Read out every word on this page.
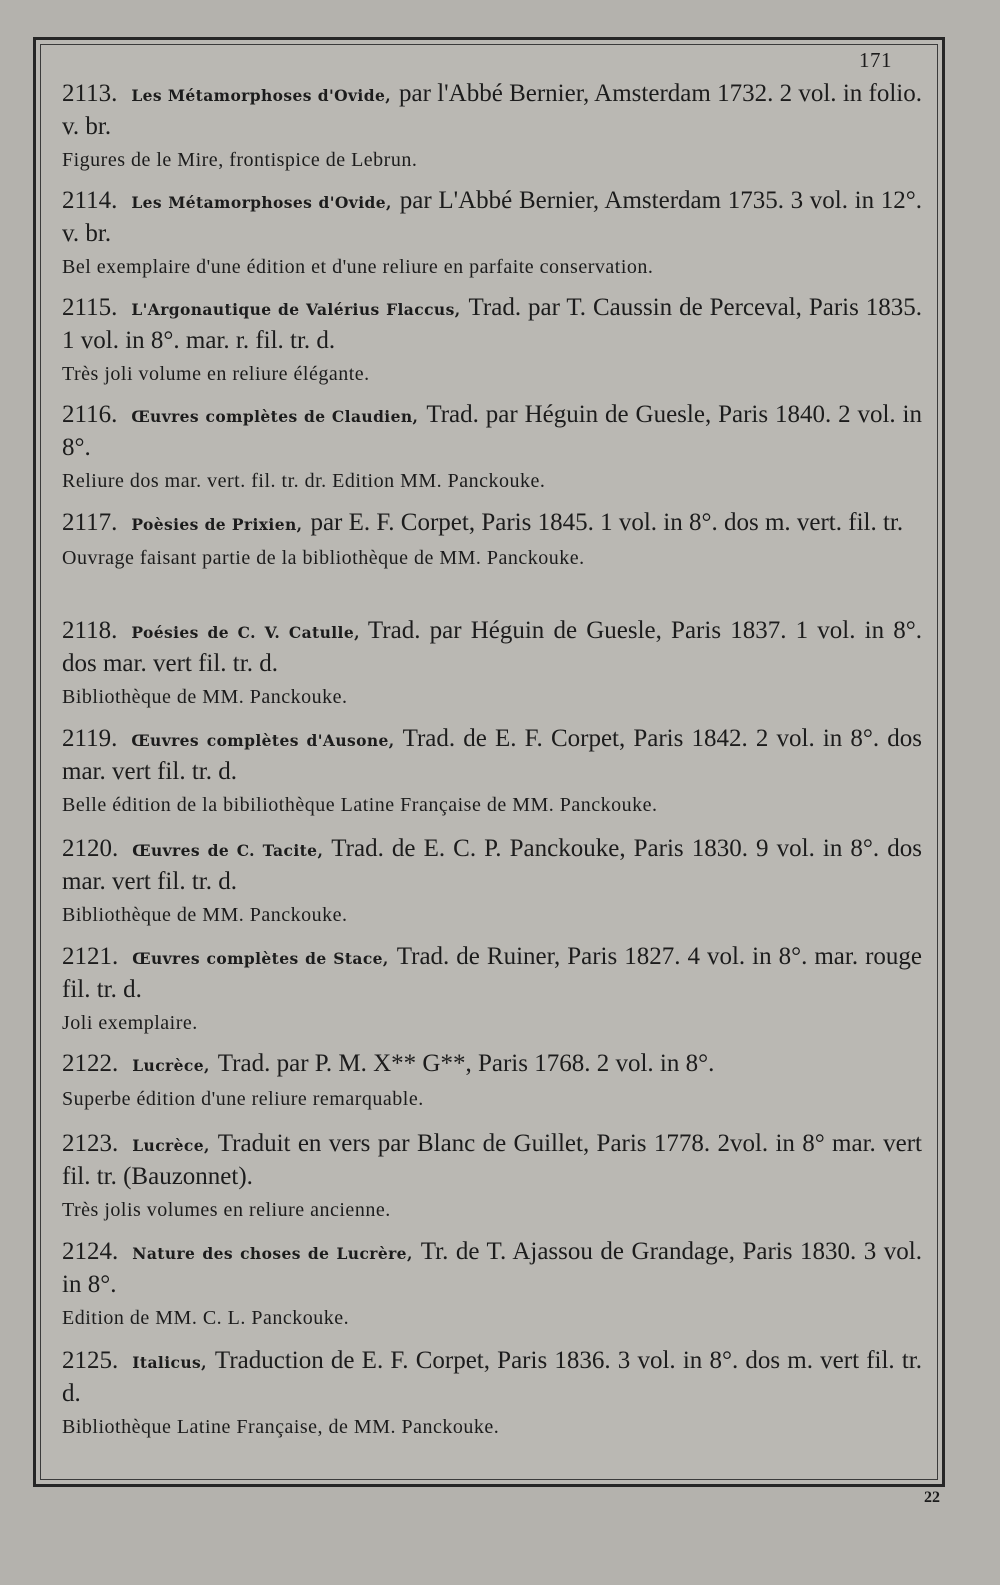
171
2113. Les Métamorphoses d'Ovide, par l'Abbé Bernier, Amsterdam 1732. 2 vol. in folio. v. br.
Figures de le Mire, frontispice de Lebrun.
2114. Les Métamorphoses d'Ovide, par L'Abbé Bernier, Amsterdam 1735. 3 vol. in 12°. v. br.
Bel exemplaire d'une édition et d'une reliure en parfaite conservation.
2115. L'Argonautique de Valérius Flaccus, Trad. par T. Caussin de Perceval, Paris 1835. 1 vol. in 8°. mar. r. fil. tr. d.
Très joli volume en reliure élégante.
2116. Œuvres complètes de Claudien, Trad. par Héguin de Guesle, Paris 1840. 2 vol. in 8°.
Reliure dos mar. vert. fil. tr. dr. Edition MM. Panckouke.
2117. Poèsies de Prixien, par E. F. Corpet, Paris 1845. 1 vol. in 8°. dos m. vert. fil. tr.
Ouvrage faisant partie de la bibliothèque de MM. Panckouke.
2118. Poésies de C. V. Catulle, Trad. par Héguin de Guesle, Paris 1837. 1 vol. in 8°. dos mar. vert fil. tr. d.
Bibliothèque de MM. Panckouke.
2119. Œuvres complètes d'Ausone, Trad. de E. F. Corpet, Paris 1842. 2 vol. in 8°. dos mar. vert fil. tr. d.
Belle édition de la bibiliothèque Latine Française de MM. Panckouke.
2120. Œuvres de C. Tacite, Trad. de E. C. P. Panckouke, Paris 1830. 9 vol. in 8°. dos mar. vert fil. tr. d.
Bibliothèque de MM. Panckouke.
2121. Œuvres complètes de Stace, Trad. de Ruiner, Paris 1827. 4 vol. in 8°. mar. rouge fil. tr. d.
Joli exemplaire.
2122. Lucrèce, Trad. par P. M. X** G**, Paris 1768. 2 vol. in 8°.
Superbe édition d'une reliure remarquable.
2123. Lucrèce, Traduit en vers par Blanc de Guillet, Paris 1778. 2vol. in 8° mar. vert fil. tr. (Bauzonnet).
Très jolis volumes en reliure ancienne.
2124. Nature des choses de Lucrère, Tr. de T. Ajassou de Grandage, Paris 1830. 3 vol. in 8°.
Edition de MM. C. L. Panckouke.
2125. Italicus, Traduction de E. F. Corpet, Paris 1836. 3 vol. in 8°. dos m. vert fil. tr. d.
Bibliothèque Latine Française, de MM. Panckouke.
22
